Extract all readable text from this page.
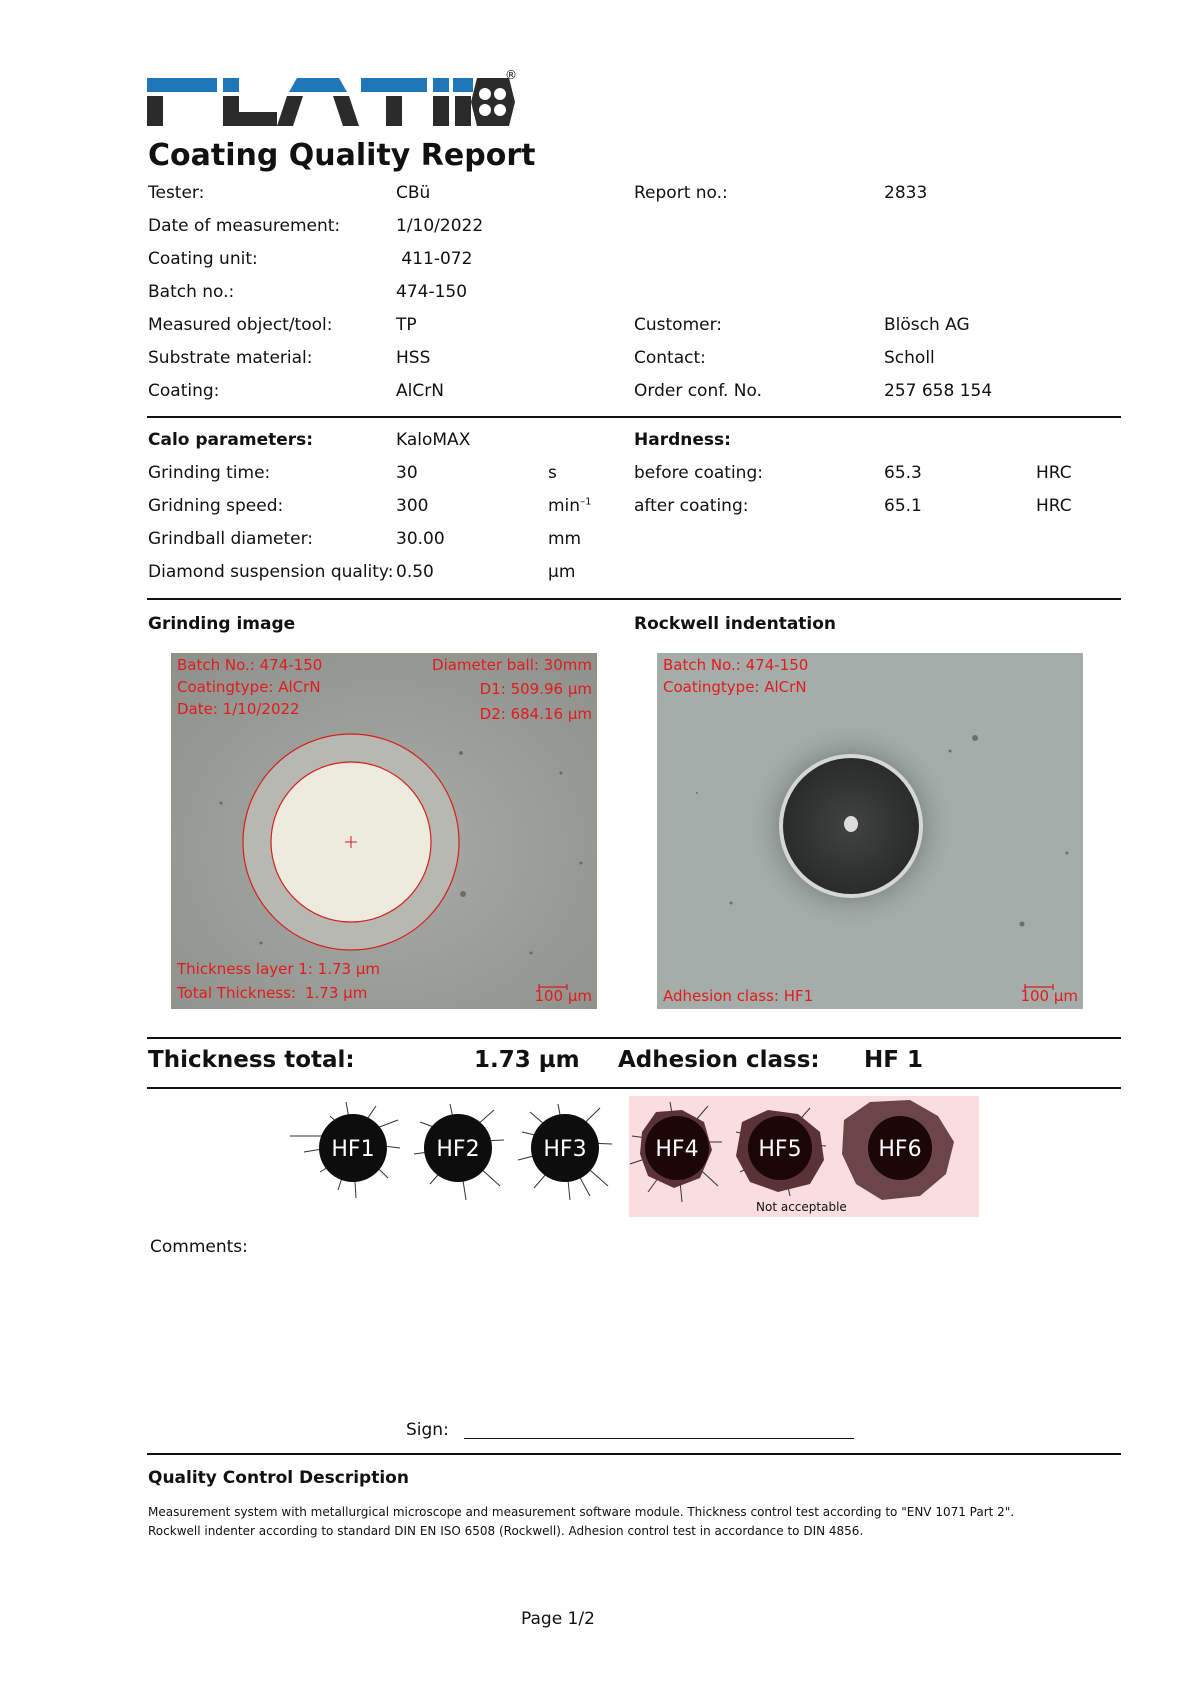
®
Coating Quality Report
Tester:	CBü
Date of measurement:	1/10/2022
Coating unit:	411-072
Batch no.:	474-150
Measured object/tool:	TP
Substrate material:	HSS
Coating:	AlCrN
Report no.:	2833
Customer:	Blösch AG
Contact:	Scholl
Order conf. No.	257 658 154
Calo parameters:	KaloMAX
Grinding time:	30	s
Gridning speed:	300	$\min^{-1}$
Grindball diameter:	30.00	mm
Diamond suspension quality: 0.50	µm
Hardness:
before coating:	65.3	HRC
after coating:	65.1	HRC
Grinding image	Rockwell indentation
Batch No.: 474-150
Coatingtype: AlCrN
Date: 1/10/2022
Diameter ball: 30mm
D1: 509.96 µm
D2: 684.16 µm
Thickness layer 1: 1.73 µm
Total Thickness: 1.73 µm	100 µm
Batch No.: 474-150
Coatingtype: AlCrN
Adhesion class: HF1	100 µm
Thickness total:	1.73 µm Adhesion class: HF 1
HF1	HF2	HF3	HF4	HF5	HF6
Not acceptable
Comments:
Sign:
Quality Control Description
Measurement system with metallurgical microscope and measurement software module. Thickness control test according to "ENV 1071 Part 2".
Rockwell indenter according to standard DIN EN ISO 6508 (Rockwell). Adhesion control test in accordance to DIN 4856.
Page 1/2
